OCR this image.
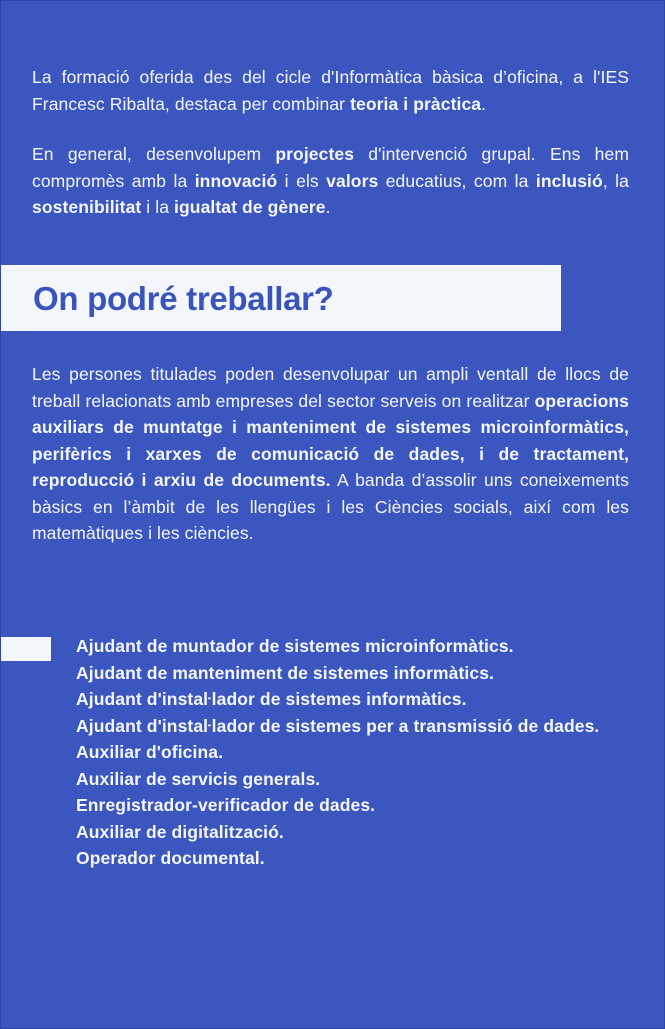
La formació oferida des del cicle d'Informàtica bàsica d’oficina, a l'IES Francesc Ribalta, destaca per combinar teoria i pràctica.

En general, desenvolupem projectes d'intervenció grupal. Ens hem compromès amb la innovació i els valors educatius, com la inclusió, la sostenibilitat i la igualtat de gènere.

On podré treballar?

Les persones titulades poden desenvolupar un ampli ventall de llocs de treball relacionats amb empreses del sector serveis on realitzar operacions auxiliars de muntatge i manteniment de sistemes microinformàtics, perifèrics i xarxes de comunicació de dades, i de tractament, reproducció i arxiu de documents. A banda d’assolir uns coneixements bàsics en l’àmbit de les llengües i les Ciències socials, així com les matemàtiques i les ciències.

Ajudant de muntador de sistemes microinformàtics.
Ajudant de manteniment de sistemes informàtics.
Ajudant d'instaŀlador de sistemes informàtics.
Ajudant d'instaŀlador de sistemes per a transmissió de dades.
Auxiliar d'oficina.
Auxiliar de servicis generals.
Enregistrador-verificador de dades.
Auxiliar de digitalització.
Operador documental.
